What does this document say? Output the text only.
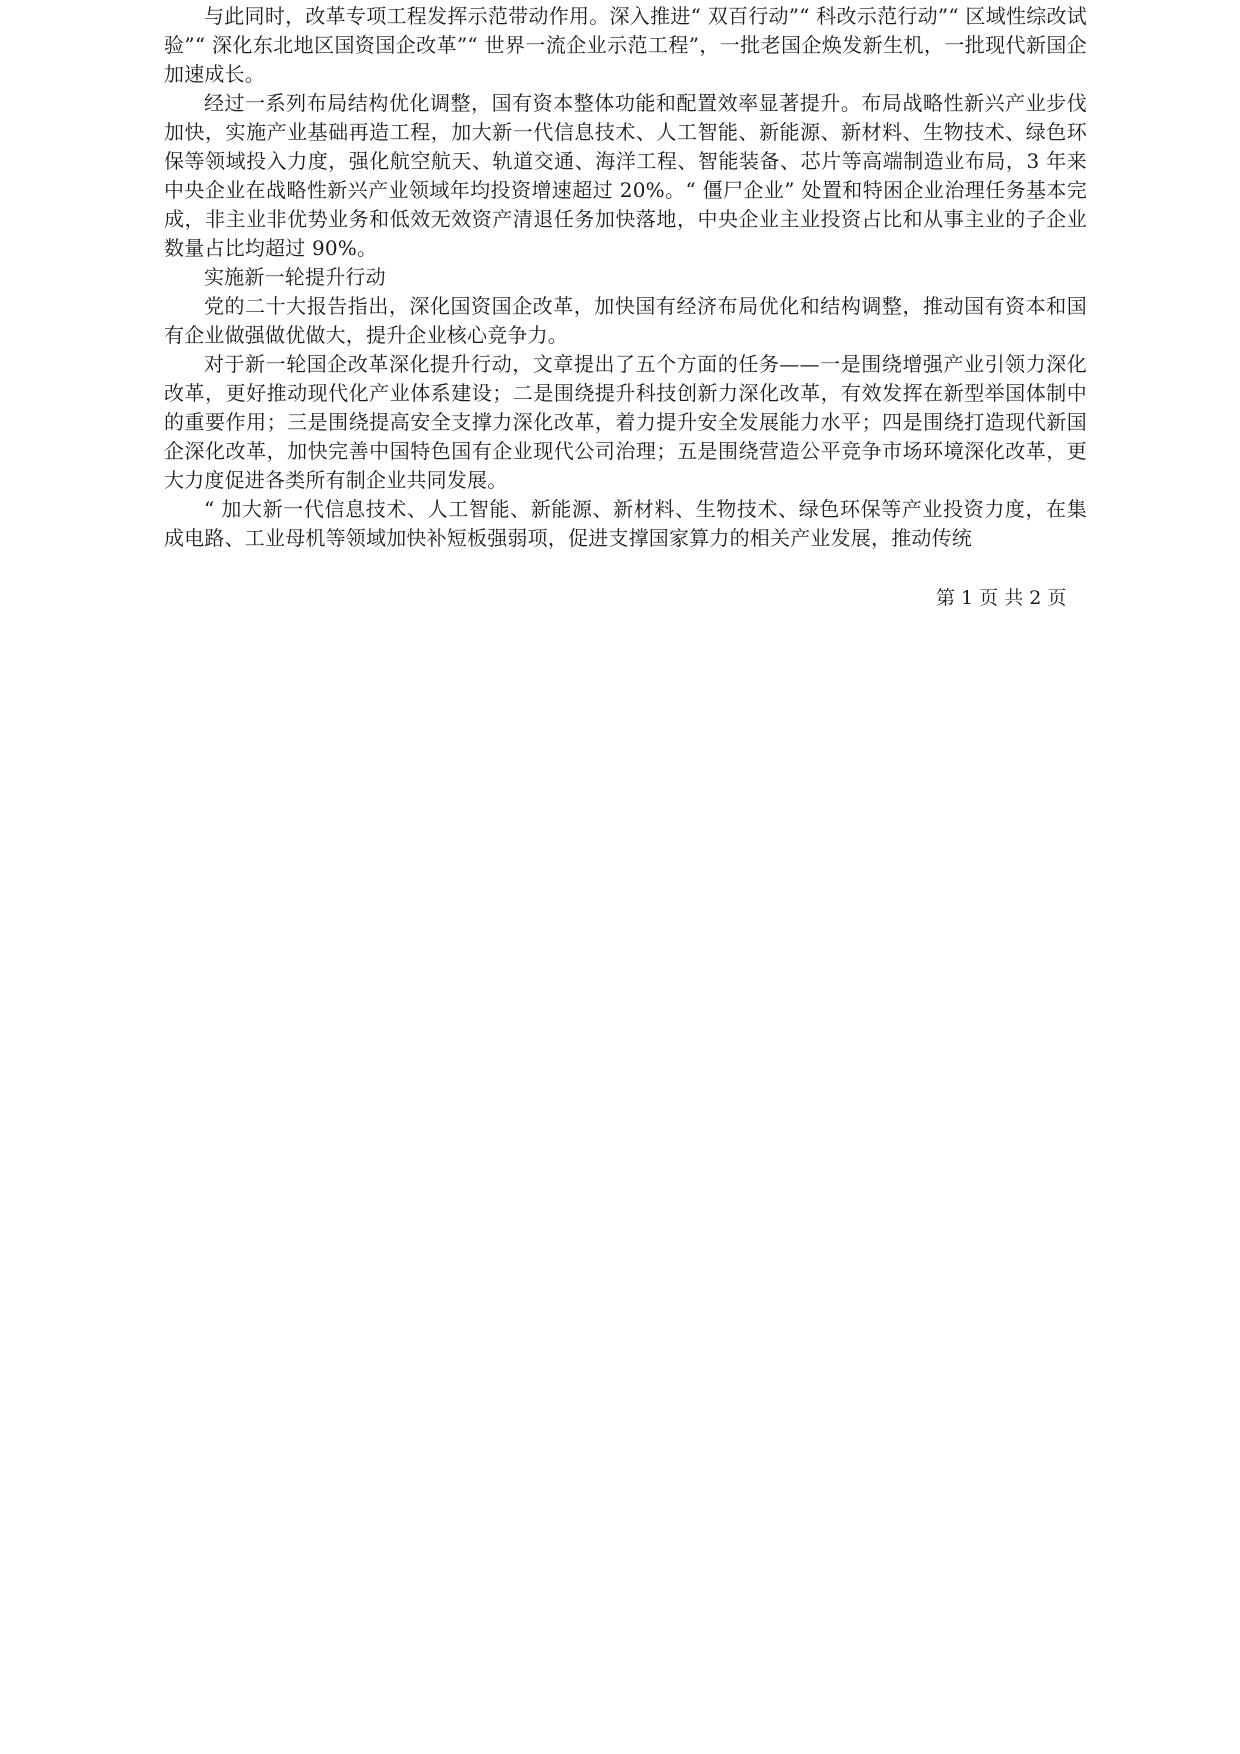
与此同时，改革专项工程发挥示范带动作用。深入推进“ 双百行动”“ 科改示范行动”“ 区域性综改试验”“ 深化东北地区国资国企改革”“ 世界一流企业示范工程”，一批老国企焕发新生机，一批现代新国企加速成长。

经过一系列布局结构优化调整，国有资本整体功能和配置效率显著提升。布局战略性新兴产业步伐加快，实施产业基础再造工程，加大新一代信息技术、人工智能、新能源、新材料、生物技术、绿色环保等领域投入力度，强化航空航天、轨道交通、海洋工程、智能装备、芯片等高端制造业布局，3 年来中央企业在战略性新兴产业领域年均投资增速超过 20%。“ 僵尸企业” 处置和特困企业治理任务基本完成，非主业非优势业务和低效无效资产清退任务加快落地，中央企业主业投资占比和从事主业的子企业数量占比均超过 90%。

实施新一轮提升行动

党的二十大报告指出，深化国资国企改革，加快国有经济布局优化和结构调整，推动国有资本和国有企业做强做优做大，提升企业核心竞争力。

对于新一轮国企改革深化提升行动，文章提出了五个方面的任务——一是围绕增强产业引领力深化改革，更好推动现代化产业体系建设；二是围绕提升科技创新力深化改革，有效发挥在新型举国体制中的重要作用；三是围绕提高安全支撑力深化改革，着力提升安全发展能力水平；四是围绕打造现代新国企深化改革，加快完善中国特色国有企业现代公司治理；五是围绕营造公平竞争市场环境深化改革，更大力度促进各类所有制企业共同发展。

“ 加大新一代信息技术、人工智能、新能源、新材料、生物技术、绿色环保等产业投资力度，在集成电路、工业母机等领域加快补短板强弱项，促进支撑国家算力的相关产业发展，推动传统

第 1 页 共 2 页
